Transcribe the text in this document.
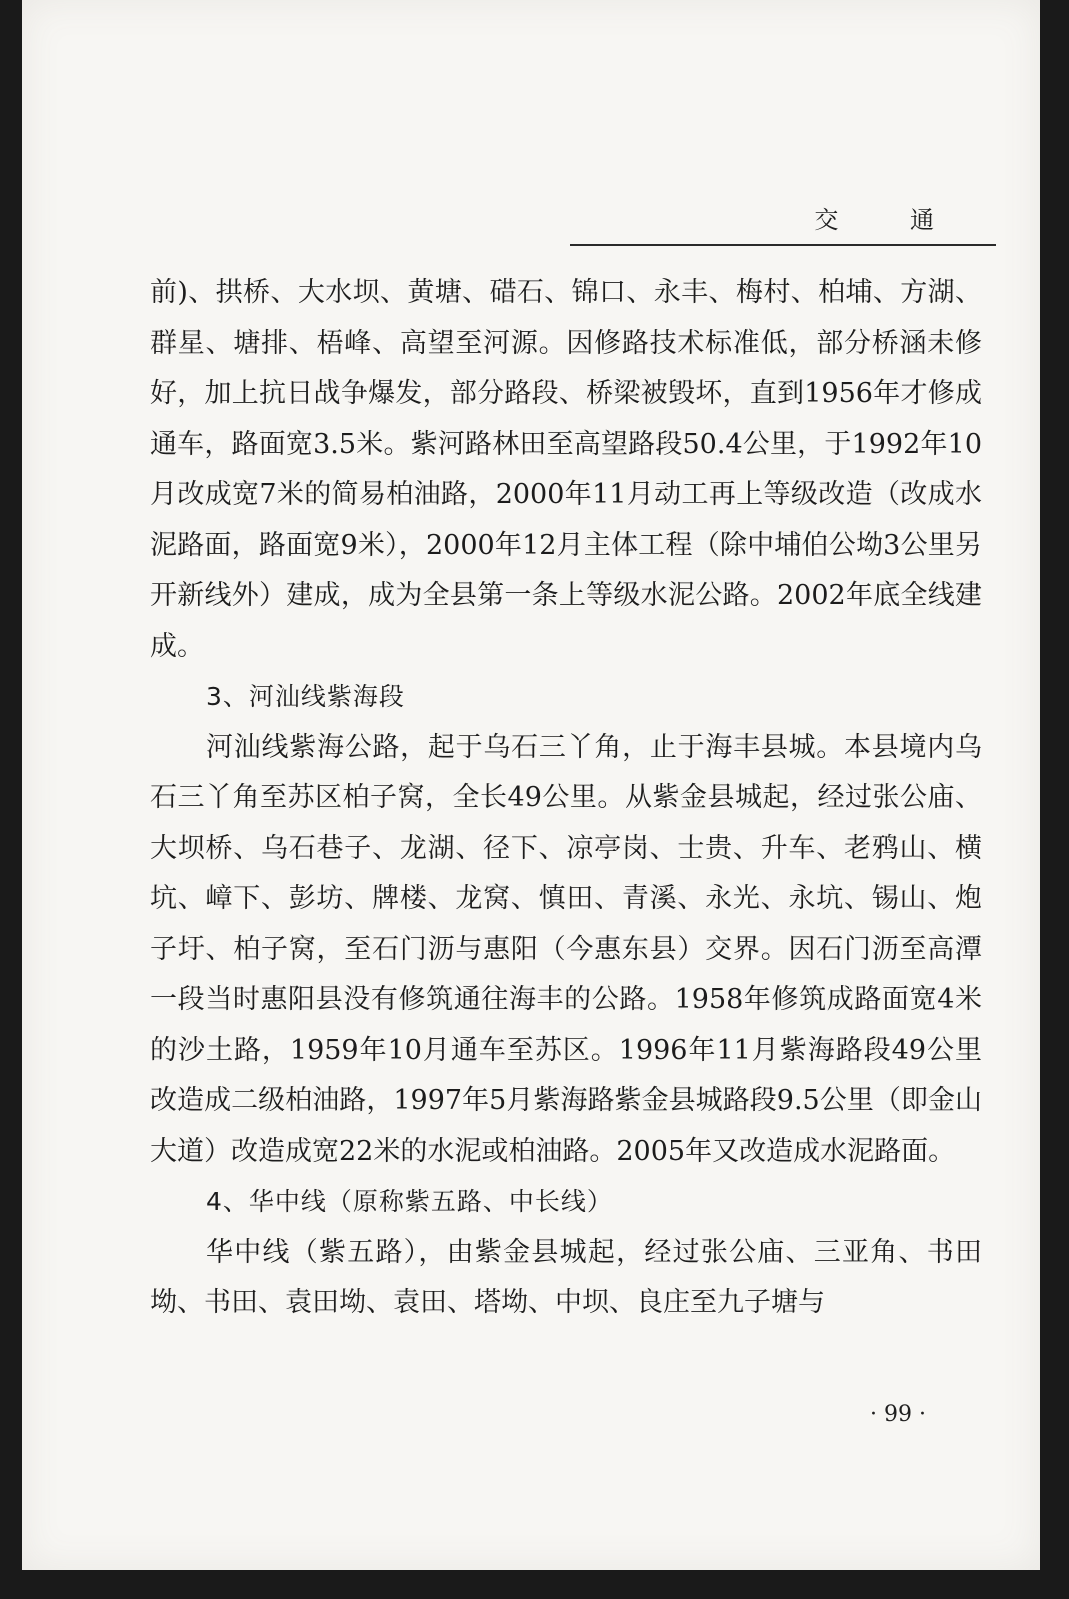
交 通

前)、拱桥、大水坝、黄塘、碏石、锦口、永丰、梅村、柏埔、方湖、群星、塘排、梧峰、高望至河源。因修路技术标准低，部分桥涵未修好，加上抗日战争爆发，部分路段、桥梁被毁坏，直到1956年才修成通车，路面宽3.5米。紫河路林田至高望路段50.4公里，于1992年10月改成宽7米的简易柏油路，2000年11月动工再上等级改造（改成水泥路面，路面宽9米），2000年12月主体工程（除中埔伯公坳3公里另开新线外）建成，成为全县第一条上等级水泥公路。2002年底全线建成。

3、河汕线紫海段

河汕线紫海公路，起于乌石三丫角，止于海丰县城。本县境内乌石三丫角至苏区柏子窝，全长49公里。从紫金县城起，经过张公庙、大坝桥、乌石巷子、龙湖、径下、凉亭岗、士贵、升车、老鸦山、横坑、嶂下、彭坊、牌楼、龙窝、慎田、青溪、永光、永坑、锡山、炮子圩、柏子窝，至石门沥与惠阳（今惠东县）交界。因石门沥至高潭一段当时惠阳县没有修筑通往海丰的公路。1958年修筑成路面宽4米的沙土路，1959年10月通车至苏区。1996年11月紫海路段49公里改造成二级柏油路，1997年5月紫海路紫金县城路段9.5公里（即金山大道）改造成宽22米的水泥或柏油路。2005年又改造成水泥路面。

4、华中线（原称紫五路、中长线）

华中线（紫五路），由紫金县城起，经过张公庙、三亚角、书田坳、书田、袁田坳、袁田、塔坳、中坝、良庄至九子塘与

· 99 ·
